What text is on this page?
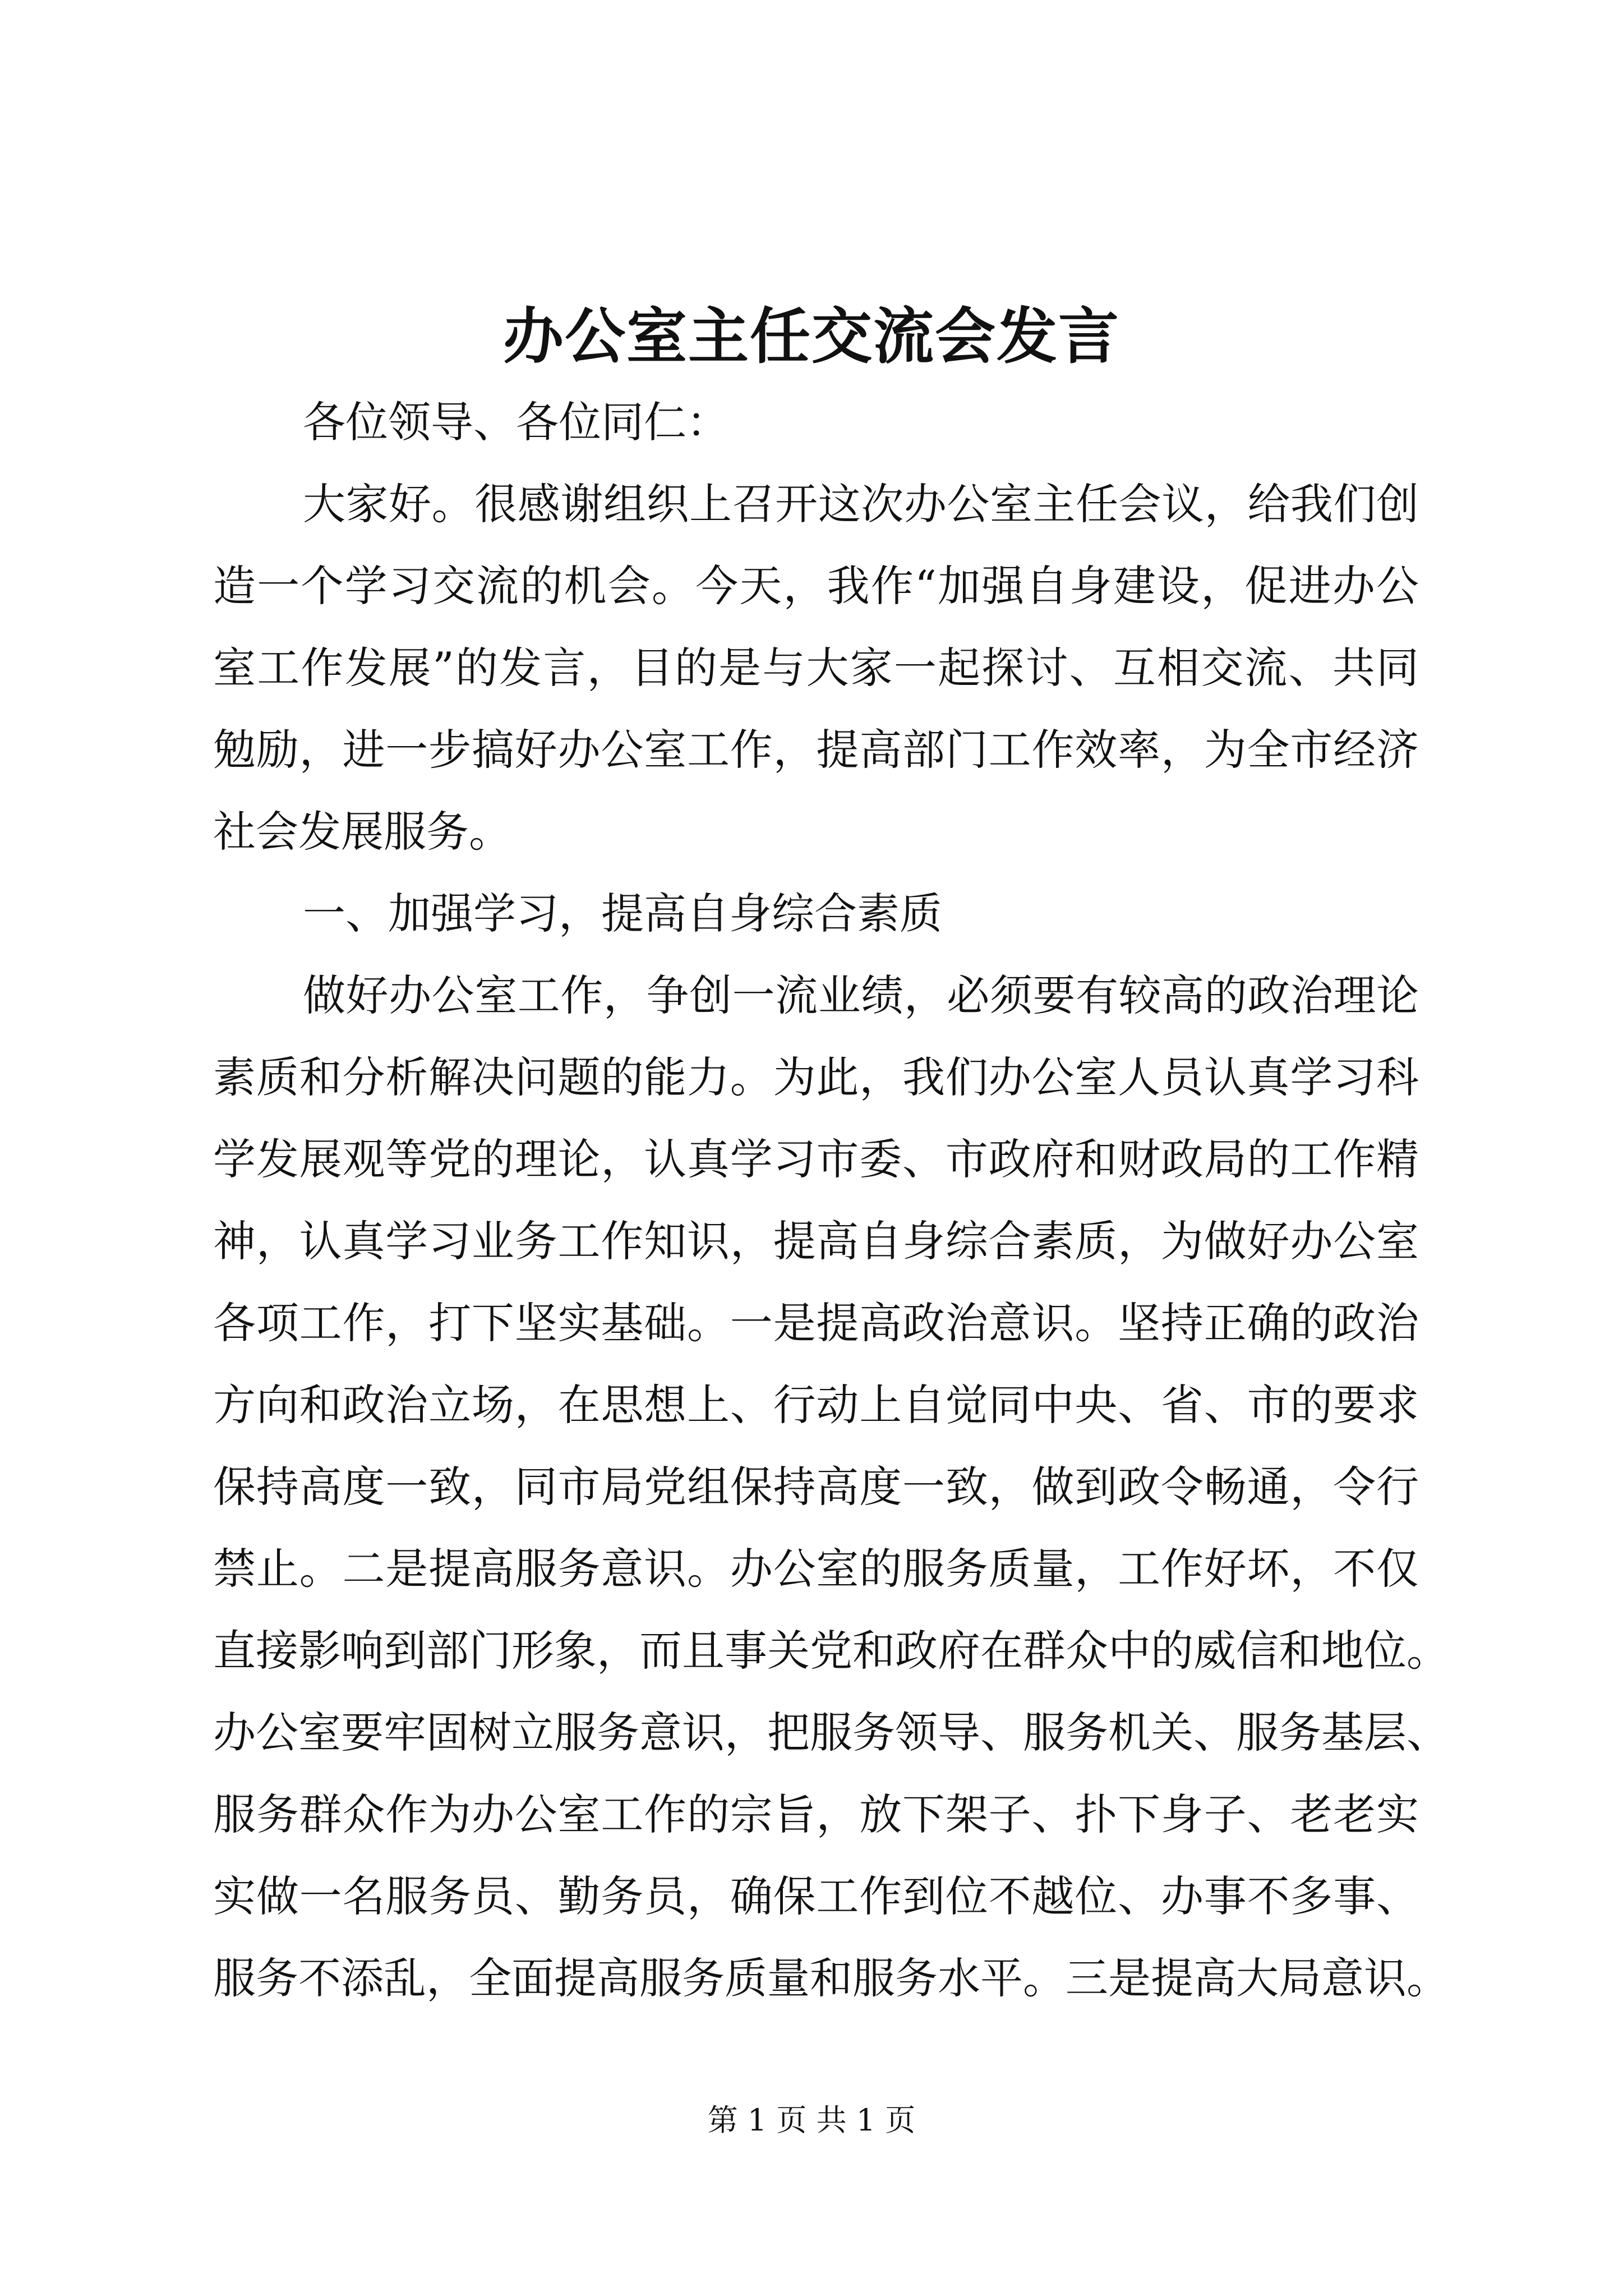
办公室主任交流会发言
各位领导、各位同仁：
大家好。很感谢组织上召开这次办公室主任会议，给我们创
造一个学习交流的机会。今天，我作“加强自身建设，促进办公
室工作发展”的发言，目的是与大家一起探讨、互相交流、共同
勉励，进一步搞好办公室工作，提高部门工作效率，为全市经济
社会发展服务。
一、加强学习，提高自身综合素质
做好办公室工作，争创一流业绩，必须要有较高的政治理论
素质和分析解决问题的能力。为此，我们办公室人员认真学习科
学发展观等党的理论，认真学习市委、市政府和财政局的工作精
神，认真学习业务工作知识，提高自身综合素质，为做好办公室
各项工作，打下坚实基础。一是提高政治意识。坚持正确的政治
方向和政治立场，在思想上、行动上自觉同中央、省、市的要求
保持高度一致，同市局党组保持高度一致，做到政令畅通，令行
禁止。二是提高服务意识。办公室的服务质量，工作好坏，不仅
直接影响到部门形象，而且事关党和政府在群众中的威信和地位。
办公室要牢固树立服务意识，把服务领导、服务机关、服务基层、
服务群众作为办公室工作的宗旨，放下架子、扑下身子、老老实
实做一名服务员、勤务员，确保工作到位不越位、办事不多事、
服务不添乱，全面提高服务质量和服务水平。三是提高大局意识。
第 1 页 共 1 页
